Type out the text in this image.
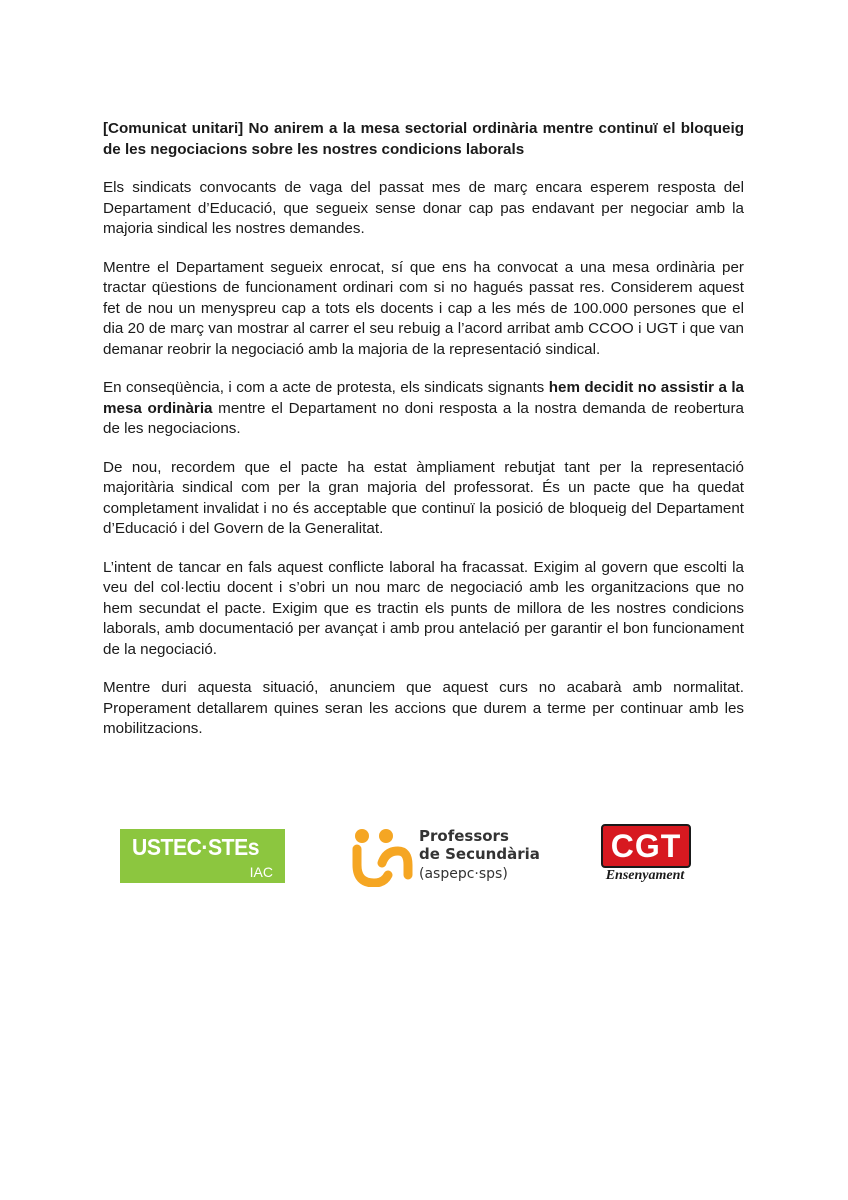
[Comunicat unitari] No anirem a la mesa sectorial ordinària mentre continuï el bloqueig de les negociacions sobre les nostres condicions laborals

Els sindicats convocants de vaga del passat mes de març encara esperem resposta del Departament d’Educació, que segueix sense donar cap pas endavant per negociar amb la majoria sindical les nostres demandes.

Mentre el Departament segueix enrocat, sí que ens ha convocat a una mesa ordinària per tractar qüestions de funcionament ordinari com si no hagués passat res. Considerem aquest fet de nou un menyspreu cap a tots els docents i cap a les més de 100.000 persones que el dia 20 de març van mostrar al carrer el seu rebuig a l’acord arribat amb CCOO i UGT i que van demanar reobrir la negociació amb la majoria de la representació sindical.

En conseqüència, i com a acte de protesta, els sindicats signants hem decidit no assistir a la mesa ordinària mentre el Departament no doni resposta a la nostra demanda de reobertura de les negociacions.

De nou, recordem que el pacte ha estat àmpliament rebutjat tant per la representació majoritària sindical com per la gran majoria del professorat. És un pacte que ha quedat completament invalidat i no és acceptable que continuï la posició de bloqueig del Departament d’Educació i del Govern de la Generalitat.

L’intent de tancar en fals aquest conflicte laboral ha fracassat. Exigim al govern que escolti la veu del col·lectiu docent i s’obri un nou marc de negociació amb les organitzacions que no hem secundat el pacte. Exigim que es tractin els punts de millora de les nostres condicions laborals, amb documentació per avançat i amb prou antelació per garantir el bon funcionament de la negociació.

Mentre duri aquesta situació, anunciem que aquest curs no acabarà amb normalitat. Properament detallarem quines seran les accions que durem a terme per continuar amb les mobilitzacions.

USTEC·STEs
IAC
Professors
de Secundària
(aspepc·sps)
CGT
Ensenyament
